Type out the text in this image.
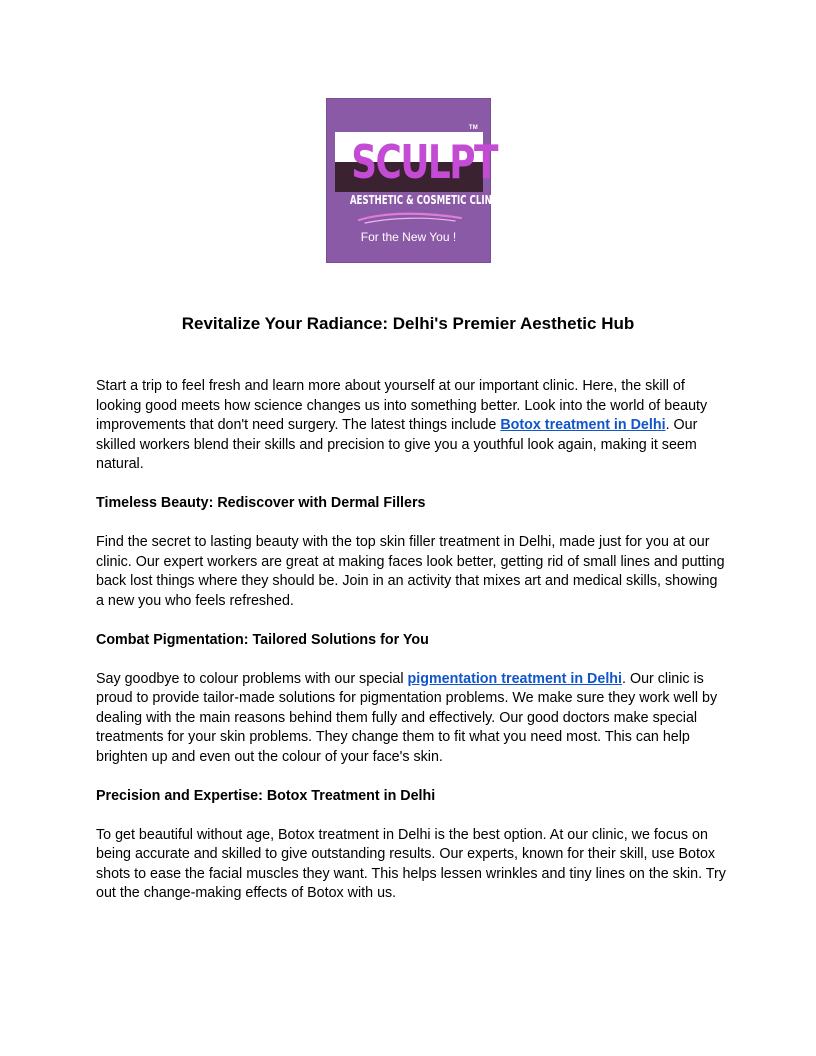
TM
SCULPT
AESTHETIC & COSMETIC CLINIC
For the New You !
Revitalize Your Radiance: Delhi's Premier Aesthetic Hub

Start a trip to feel fresh and learn more about yourself at our important clinic. Here, the skill of looking good meets how science changes us into something better. Look into the world of beauty improvements that don't need surgery. The latest things include Botox treatment in Delhi. Our skilled workers blend their skills and precision to give you a youthful look again, making it seem natural.

Timeless Beauty: Rediscover with Dermal Fillers

Find the secret to lasting beauty with the top skin filler treatment in Delhi, made just for you at our clinic. Our expert workers are great at making faces look better, getting rid of small lines and putting back lost things where they should be. Join in an activity that mixes art and medical skills, showing a new you who feels refreshed.

Combat Pigmentation: Tailored Solutions for You

Say goodbye to colour problems with our special pigmentation treatment in Delhi. Our clinic is proud to provide tailor-made solutions for pigmentation problems. We make sure they work well by dealing with the main reasons behind them fully and effectively. Our good doctors make special treatments for your skin problems. They change them to fit what you need most. This can help brighten up and even out the colour of your face's skin.

Precision and Expertise: Botox Treatment in Delhi

To get beautiful without age, Botox treatment in Delhi is the best option. At our clinic, we focus on being accurate and skilled to give outstanding results. Our experts, known for their skill, use Botox shots to ease the facial muscles they want. This helps lessen wrinkles and tiny lines on the skin. Try out the change-making effects of Botox with us.
